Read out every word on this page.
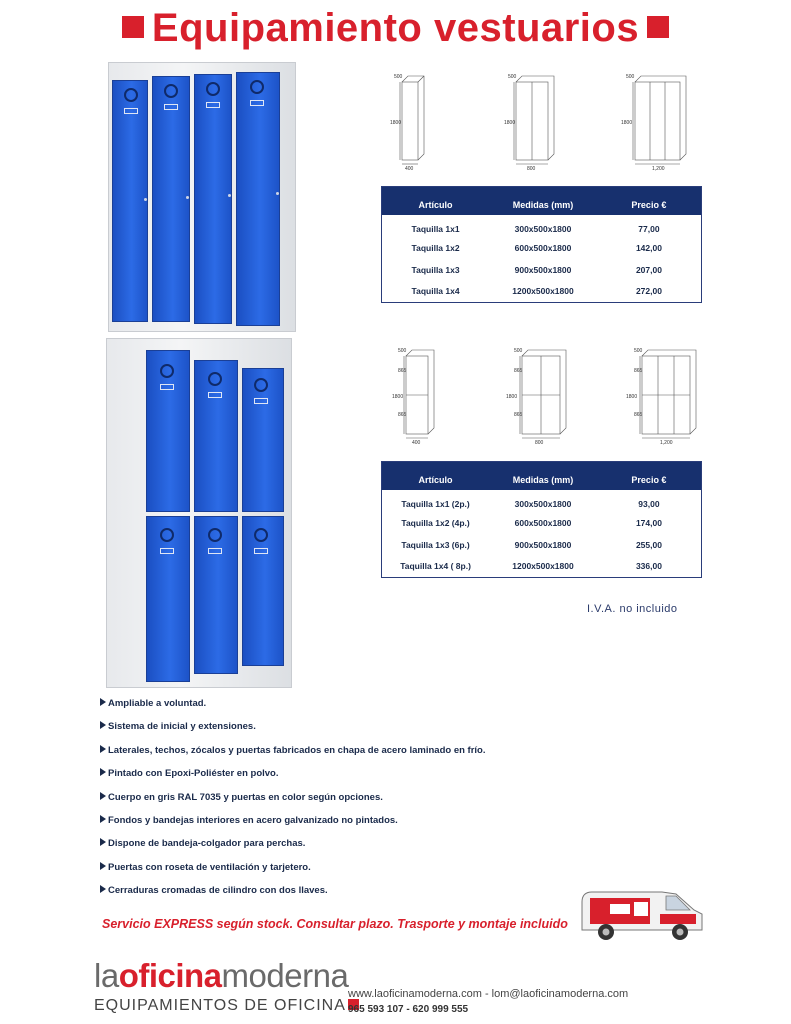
Equipamiento vestuarios
1800
500
400
1800
500
800
1800
500
1,200
Artículo	Medidas (mm)	Precio €
Taquilla 1x1	300x500x1800	77,00
Taquilla 1x2	600x500x1800	142,00
Taquilla 1x3	900x500x1800	207,00
Taquilla 1x4	1200x500x1800	272,00
1800
865
865
500
400
1800
865
865
500
800
1800
865
865
500
1,200
Artículo	Medidas (mm)	Precio €
Taquilla 1x1 (2p.)	300x500x1800	93,00
Taquilla 1x2 (4p.)	600x500x1800	174,00
Taquilla 1x3 (6p.)	900x500x1800	255,00
Taquilla 1x4 ( 8p.)	1200x500x1800	336,00
I.V.A. no incluido
Ampliable a voluntad.
Sistema de inicial y extensiones.
Laterales, techos, zócalos y puertas fabricados en chapa de acero laminado en frío.
Pintado con Epoxi-Poliéster en polvo.
Cuerpo en gris RAL 7035 y puertas en color según opciones.
Fondos y bandejas interiores en acero galvanizado no pintados.
Dispone de bandeja-colgador para perchas.
Puertas con roseta de ventilación y tarjetero.
Cerraduras cromadas de cilindro con dos llaves.
Servicio EXPRESS según stock. Consultar plazo. Trasporte y montaje incluido
laoficinamoderna
EQUIPAMIENTOS DE OFICINA
www.laoficinamoderna.com - lom@laoficinamoderna.com
965 593 107 - 620 999 555
